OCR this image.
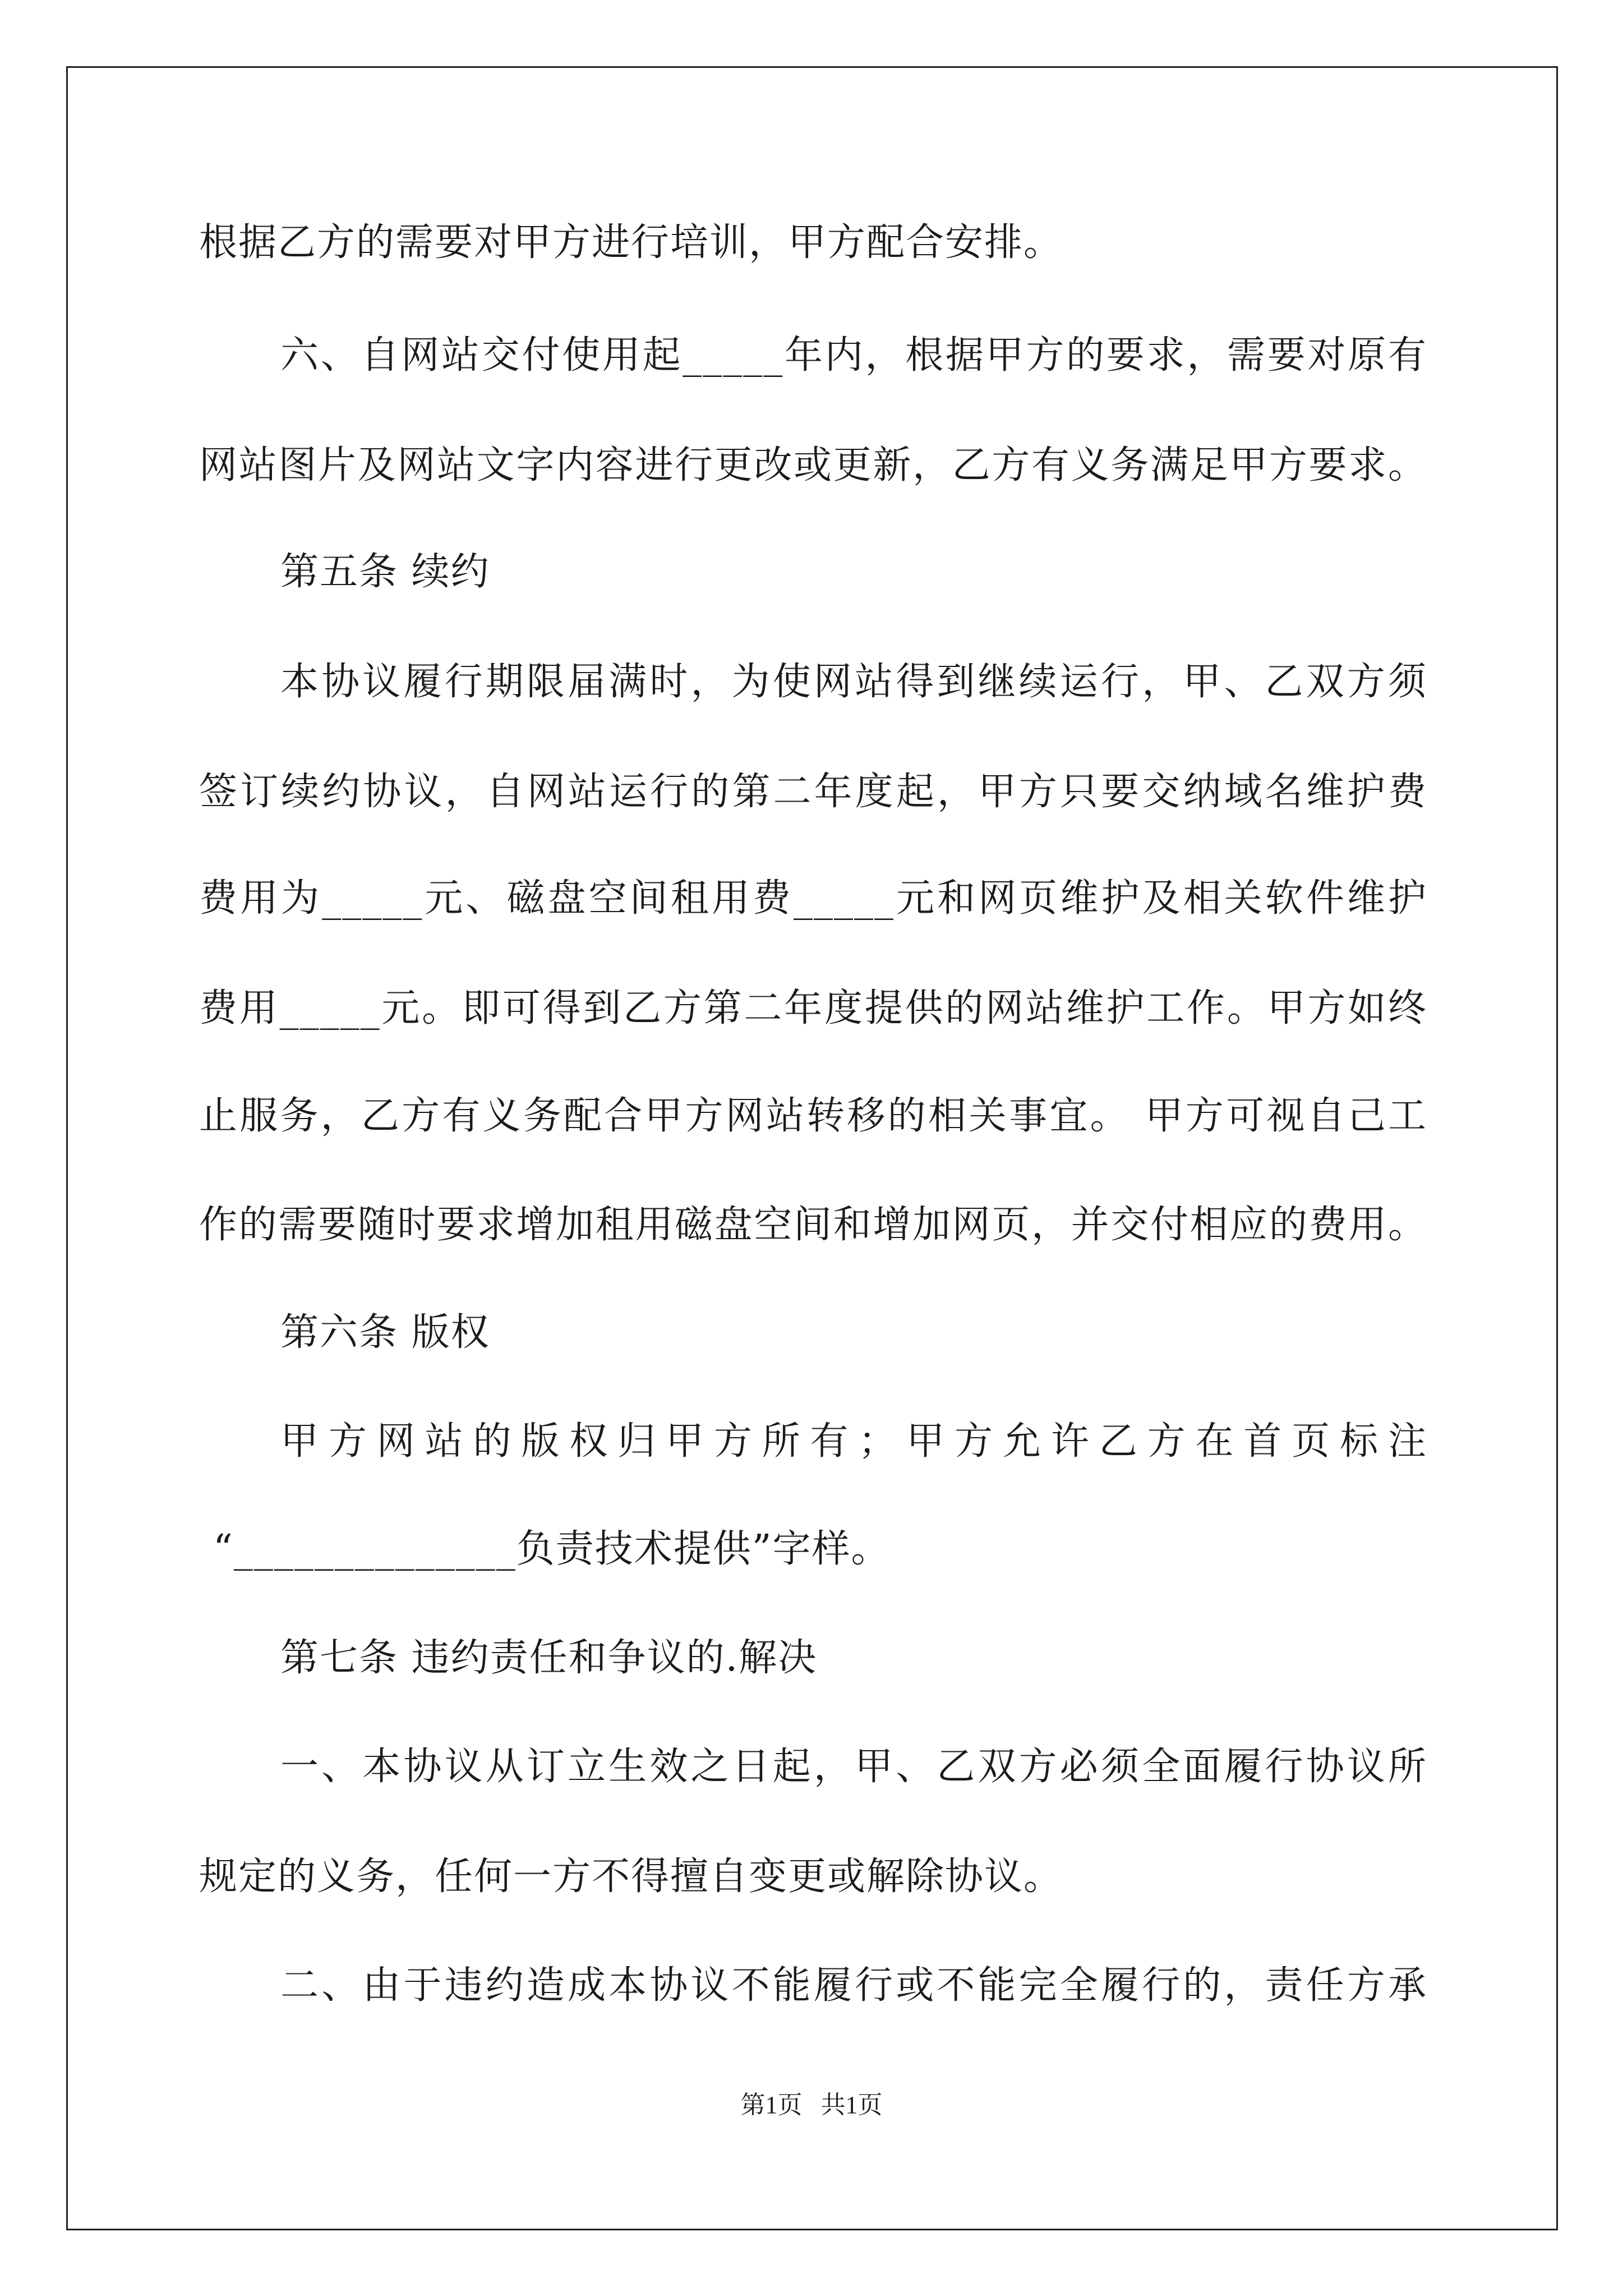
根据乙方的需要对甲方进行培训，甲方配合安排。
六、自网站交付使用起_____年内，根据甲方的要求，需要对原有
网站图片及网站文字内容进行更改或更新，乙方有义务满足甲方要求。
第五条 续约
本协议履行期限届满时，为使网站得到继续运行，甲、乙双方须
签订续约协议，自网站运行的第二年度起，甲方只要交纳域名维护费
费用为_____元、磁盘空间租用费_____元和网页维护及相关软件维护
费用_____元。即可得到乙方第二年度提供的网站维护工作。甲方如终
止服务，乙方有义务配合甲方网站转移的相关事宜。 甲方可视自己工
作的需要随时要求增加租用磁盘空间和增加网页，并交付相应的费用。
第六条 版权
甲方网站的版权归甲方所有；甲方允许乙方在首页标注
“______________负责技术提供”字样。
第七条 违约责任和争议的.解决
一、本协议从订立生效之日起，甲、乙双方必须全面履行协议所
规定的义务，任何一方不得擅自变更或解除协议。
二、由于违约造成本协议不能履行或不能完全履行的，责任方承
第1页   共1页
